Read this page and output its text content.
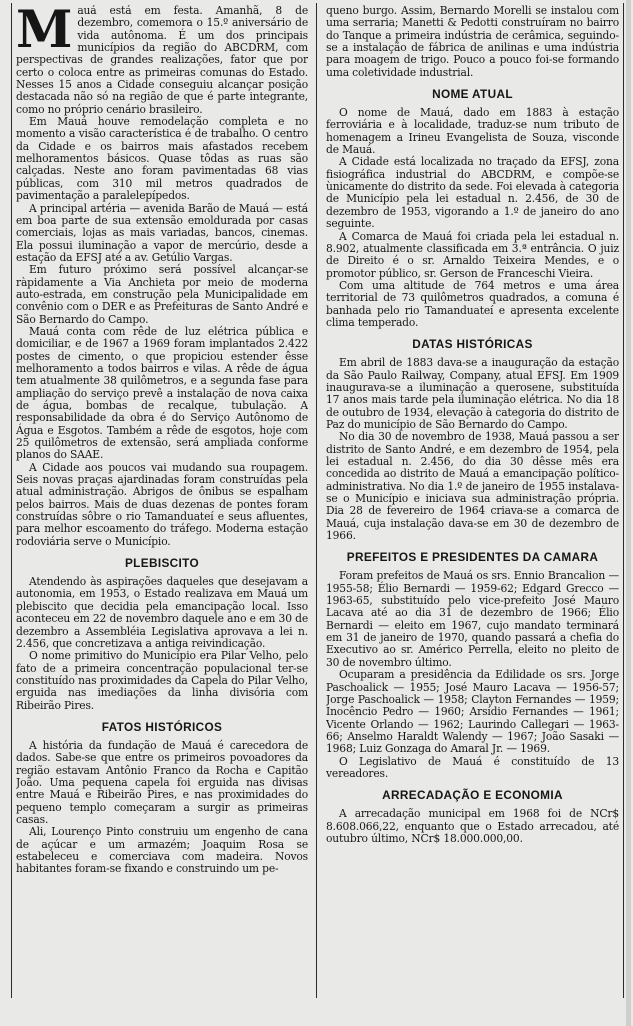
Mauá está em festa. Amanhã, 8 de dezembro, comemora o 15.º aniversário de vida autônoma. É um dos principais municípios da região do ABCDRM, com perspectivas de grandes realizações, fator que por certo o coloca entre as primeiras comunas do Estado. Nesses 15 anos a Cidade conseguiu alcançar posição destacada não só na região de que é parte integrante, como no próprio cenário brasileiro.

Em Mauá houve remodelação completa e no momento a visão característica é de trabalho. O centro da Cidade e os bairros mais afastados recebem melhoramentos básicos. Quase tôdas as ruas são calçadas. Neste ano foram pavimentadas 68 vias públicas, com 310 mil metros quadrados de pavimentação a paralelepípedos.

A principal artéria — avenida Barão de Mauá — está em boa parte de sua extensão emoldurada por casas comerciais, lojas as mais variadas, bancos, cinemas. Ela possui iluminação a vapor de mercúrio, desde a estação da EFSJ até a av. Getúlio Vargas.

Em futuro próximo será possível alcançar-se ràpidamente a Via Anchieta por meio de moderna auto-estrada, em construção pela Municipalidade em convênio com o DER e as Prefeituras de Santo André e São Bernardo do Campo.

Mauá conta com rêde de luz elétrica pública e domiciliar, e de 1967 a 1969 foram implantados 2.422 postes de cimento, o que propiciou estender êsse melhoramento a todos bairros e vilas. A rêde de água tem atualmente 38 quilômetros, e a segunda fase para ampliação do serviço prevê a instalação de nova caixa de água, bombas de recalque, tubulação. A responsabilidade da obra é do Serviço Autônomo de Água e Esgotos. Também a rêde de esgotos, hoje com 25 quilômetros de extensão, será ampliada conforme planos do SAAE.

A Cidade aos poucos vai mudando sua roupagem. Seis novas praças ajardinadas foram construídas pela atual administração. Abrigos de ônibus se espalham pelos bairros. Mais de duas dezenas de pontes foram construídas sôbre o rio Tamanduateí e seus afluentes, para melhor escoamento do tráfego. Moderna estação rodoviária serve o Município.

PLEBISCITO

Atendendo às aspirações daqueles que desejavam a autonomia, em 1953, o Estado realizava em Mauá um plebiscito que decidia pela emancipação local. Isso aconteceu em 22 de novembro daquele ano e em 30 de dezembro a Assembléia Legislativa aprovava a lei n. 2.456, que concretizava a antiga reivindicação.

O nome primitivo do Município era Pilar Velho, pelo fato de a primeira concentração populacional ter-se constituído nas proximidades da Capela do Pilar Velho, erguida nas imediações da linha divisória com Ribeirão Pires.

FATOS HISTÓRICOS

A história da fundação de Mauá é carecedora de dados. Sabe-se que entre os primeiros povoadores da região estavam Antônio Franco da Rocha e Capitão João. Uma pequena capela foi erguida nas divisas entre Mauá e Ribeirão Pires, e nas proximidades do pequeno templo começaram a surgir as primeiras casas.

Ali, Lourenço Pinto construiu um engenho de cana de açúcar e um armazém; Joaquim Rosa se estabeleceu e comerciava com madeira. Novos habitantes foram-se fixando e construindo um pe-

queno burgo. Assim, Bernardo Morelli se instalou com uma serraria; Manetti & Pedotti construíram no bairro do Tanque a primeira indústria de cerâmica, seguindo-se a instalação de fábrica de anilinas e uma indústria para moagem de trigo. Pouco a pouco foi-se formando uma coletividade industrial.

NOME ATUAL

O nome de Mauá, dado em 1883 à estação ferroviária e à localidade, traduz-se num tributo de homenagem a Irineu Evangelista de Souza, visconde de Mauá.

A Cidade está localizada no traçado da EFSJ, zona fisiográfica industrial do ABCDRM, e compõe-se ùnicamente do distrito da sede. Foi elevada à categoria de Município pela lei estadual n. 2.456, de 30 de dezembro de 1953, vigorando a 1.º de janeiro do ano seguinte.

A Comarca de Mauá foi criada pela lei estadual n. 8.902, atualmente classificada em 3.ª entrância. O juiz de Direito é o sr. Arnaldo Teixeira Mendes, e o promotor público, sr. Gerson de Franceschi Vieira.

Com uma altitude de 764 metros e uma área territorial de 73 quilômetros quadrados, a comuna é banhada pelo rio Tamanduateí e apresenta excelente clima temperado.

DATAS HISTÓRICAS

Em abril de 1883 dava-se a inauguração da estação da São Paulo Railway, Company, atual EFSJ. Em 1909 inaugurava-se a iluminação a querosene, substituída 17 anos mais tarde pela iluminação elétrica. No dia 18 de outubro de 1934, elevação à categoria do distrito de Paz do município de São Bernardo do Campo.

No dia 30 de novembro de 1938, Mauá passou a ser distrito de Santo André, e em dezembro de 1954, pela lei estadual n. 2.456, do dia 30 dêsse mês era concedida ao distrito de Mauá a emancipação político-administrativa. No dia 1.º de janeiro de 1955 instalava-se o Município e iniciava sua administração própria. Dia 28 de fevereiro de 1964 criava-se a comarca de Mauá, cuja instalação dava-se em 30 de dezembro de 1966.

PREFEITOS E PRESIDENTES DA CAMARA

Foram prefeitos de Mauá os srs. Ennio Brancalion — 1955-58; Élio Bernardi — 1959-62; Edgard Grecco — 1963-65, substituído pelo vice-prefeito José Mauro Lacava até ao dia 31 de dezembro de 1966; Élio Bernardi — eleito em 1967, cujo mandato terminará em 31 de janeiro de 1970, quando passará a chefia do Executivo ao sr. Américo Perrella, eleito no pleito de 30 de novembro último.

Ocuparam a presidência da Edilidade os srs. Jorge Paschoalick — 1955; José Mauro Lacava — 1956-57; Jorge Paschoalick — 1958; Clayton Fernandes — 1959; Inocêncio Pedro — 1960; Arsídio Fernandes — 1961; Vicente Orlando — 1962; Laurindo Callegari — 1963-66; Anselmo Haraldt Walendy — 1967; João Sasaki — 1968; Luiz Gonzaga do Amaral Jr. — 1969.

O Legislativo de Mauá é constituído de 13 vereadores.

ARRECADAÇÃO E ECONOMIA

A arrecadação municipal em 1968 foi de NCr$ 8.608.066,22, enquanto que o Estado arrecadou, até outubro último, NCr$ 18.000.000,00.
